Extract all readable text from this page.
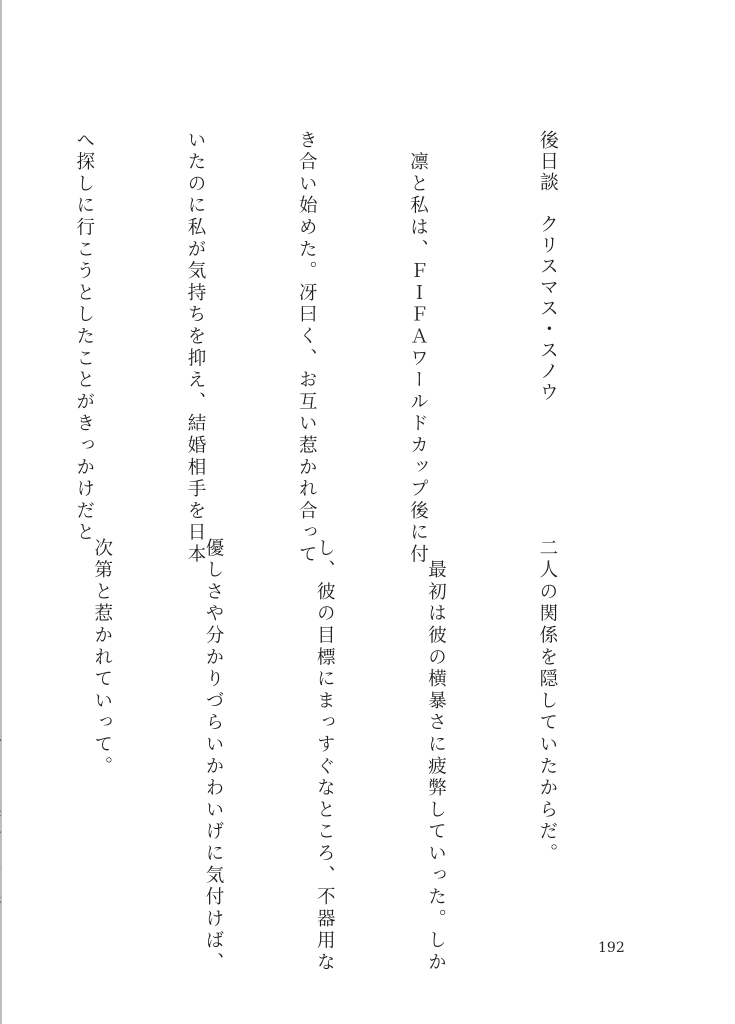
後日談　クリスマス・スノウ

　凛と私は、ＦＩＦＡワールドカップ後に付

き合い始めた。冴曰く、お互い惹かれ合って

いたのに私が気持ちを抑え、結婚相手を日本

へ探しに行こうとしたことがきっかけだと

二人の関係を隠していたからだ。

　最初は彼の横暴さに疲弊していった。しか

し、彼の目標にまっすぐなところ、不器用な

優しさや分かりづらいかわいげに気付けば、

次第と惹かれていって。

192
